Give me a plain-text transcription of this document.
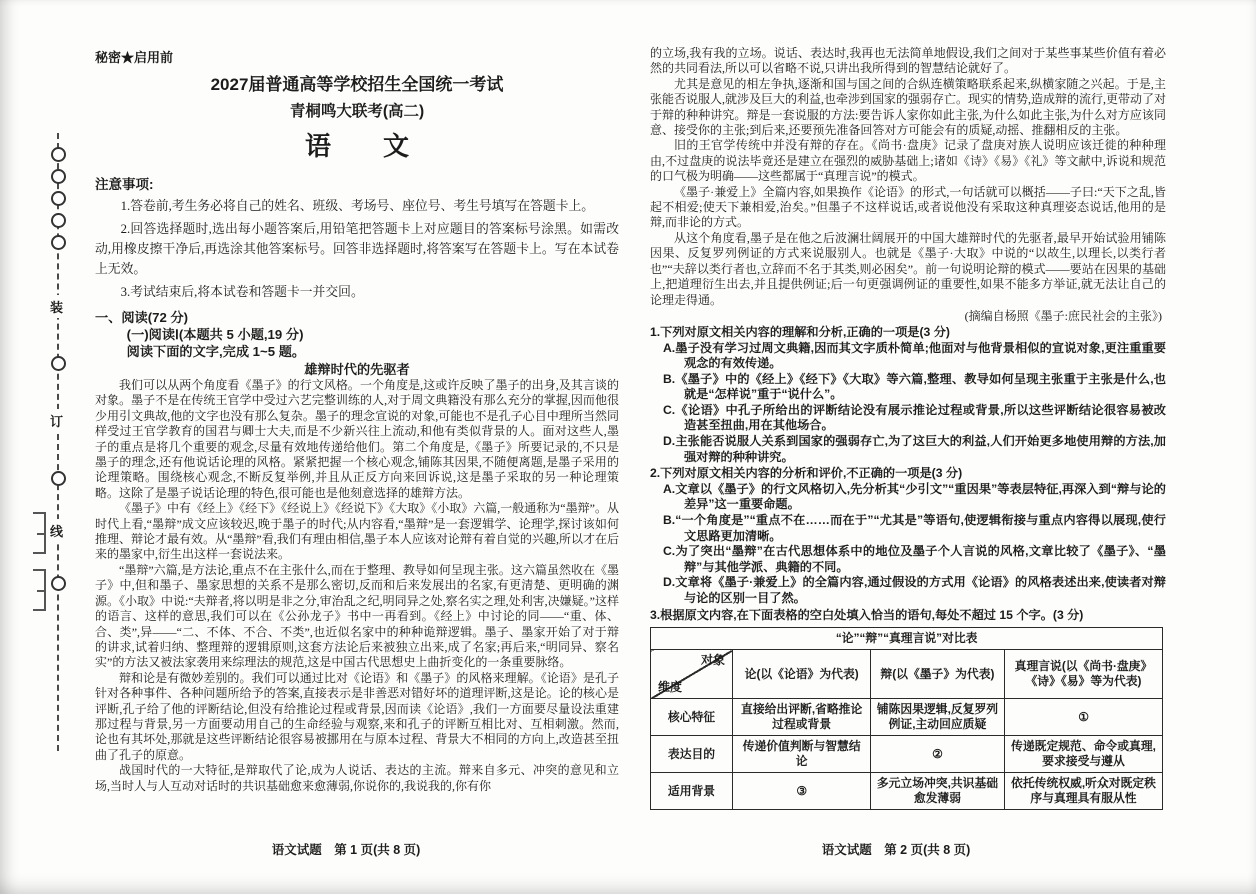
装
订
线
秘密★启用前
2027届普通高等学校招生全国统一考试
青桐鸣大联考(高二)
语　　文
注意事项:
1.答卷前,考生务必将自己的姓名、班级、考场号、座位号、考生号填写在答题卡上。
2.回答选择题时,选出每小题答案后,用铅笔把答题卡上对应题目的答案标号涂黑。如需改动,用橡皮擦干净后,再选涂其他答案标号。回答非选择题时,将答案写在答题卡上。写在本试卷上无效。
3.考试结束后,将本试卷和答题卡一并交回。
一、阅读(72 分)
(一)阅读Ⅰ(本题共 5 小题,19 分)
阅读下面的文字,完成 1~5 题。
雄辩时代的先驱者
我们可以从两个角度看《墨子》的行文风格。一个角度是,这或许反映了墨子的出身,及其言谈的对象。墨子不是在传统王官学中受过六艺完整训练的人,对于周文典籍没有那么充分的掌握,因而他很少用引文典故,他的文字也没有那么复杂。墨子的理念宣说的对象,可能也不是孔子心目中理所当然同样受过王官学教育的国君与卿士大夫,而是不少新兴往上流动,和他有类似背景的人。面对这些人,墨子的重点是将几个重要的观念,尽量有效地传递给他们。第二个角度是,《墨子》所要记录的,不只是墨子的理念,还有他说话论理的风格。紧紧把握一个核心观念,铺陈其因果,不随便离题,是墨子采用的论理策略。围绕核心观念,不断反复举例,并且从正反方向来回诉说,这是墨子采取的另一种论理策略。这除了是墨子说话论理的特色,很可能也是他刻意选择的雄辩方法。
《墨子》中有《经上》《经下》《经说上》《经说下》《大取》《小取》六篇,一般通称为“墨辩”。从时代上看,“墨辩”成文应该较迟,晚于墨子的时代;从内容看,“墨辩”是一套逻辑学、论理学,探讨该如何推理、辩论才最有效。从“墨辩”看,我们有理由相信,墨子本人应该对论辩有着自觉的兴趣,所以才在后来的墨家中,衍生出这样一套说法来。
“墨辩”六篇,是方法论,重点不在主张什么,而在于整理、教导如何呈现主张。这六篇虽然收在《墨子》中,但和墨子、墨家思想的关系不是那么密切,反而和后来发展出的名家,有更清楚、更明确的渊源。《小取》中说:“夫辩者,将以明是非之分,审治乱之纪,明同异之处,察名实之理,处利害,决嫌疑。”这样的语言、这样的意思,我们可以在《公孙龙子》书中一再看到。《经上》中讨论的同——“重、体、合、类”,异——“二、不体、不合、不类”,也近似名家中的种种诡辩逻辑。墨子、墨家开始了对于辩的讲求,试着归纳、整理辩的逻辑原则,这套方法论后来被独立出来,成了名家;再后来,“明同异、察名实”的方法又被法家袭用来综理法的规范,这是中国古代思想史上曲折变化的一条重要脉络。
辩和论是有微妙差别的。我们可以通过比对《论语》和《墨子》的风格来理解。《论语》是孔子针对各种事件、各种问题所给予的答案,直接表示是非善恶对错好坏的道理评断,这是论。论的核心是评断,孔子给了他的评断结论,但没有给推论过程或背景,因而读《论语》,我们一方面要尽量设法重建那过程与背景,另一方面要动用自己的生命经验与观察,来和孔子的评断互相比对、互相刺激。然而,论也有其坏处,那就是这些评断结论很容易被挪用在与原本过程、背景大不相同的方向上,改造甚至扭曲了孔子的原意。
战国时代的一大特征,是辩取代了论,成为人说话、表达的主流。辩来自多元、冲突的意见和立场,当时人与人互动对话时的共识基础愈来愈薄弱,你说你的,我说我的,你有你
的立场,我有我的立场。说话、表达时,我再也无法简单地假设,我们之间对于某些事某些价值有着必然的共同看法,所以可以省略不说,只讲出我所得到的智慧结论就好了。
尤其是意见的相左争执,逐渐和国与国之间的合纵连横策略联系起来,纵横家随之兴起。于是,主张能否说服人,就涉及巨大的利益,也牵涉到国家的强弱存亡。现实的情势,造成辩的流行,更带动了对于辩的种种讲究。辩是一套说服的方法:要告诉人家你如此主张,为什么如此主张,为什么对方应该同意、接受你的主张;到后来,还要预先准备回答对方可能会有的质疑,动摇、推翻相反的主张。
旧的王官学传统中并没有辩的存在。《尚书·盘庚》记录了盘庚对族人说明应该迁徙的种种理由,不过盘庚的说法毕竟还是建立在强烈的威胁基础上;诸如《诗》《易》《礼》等文献中,诉说和规范的口气极为明确——这些都属于“真理言说”的模式。
《墨子·兼爱上》全篇内容,如果换作《论语》的形式,一句话就可以概括——子曰:“天下之乱,皆起不相爱;使天下兼相爱,治矣。”但墨子不这样说话,或者说他没有采取这种真理姿态说话,他用的是辩,而非论的方式。
从这个角度看,墨子是在他之后波澜壮阔展开的中国大雄辩时代的先驱者,最早开始试验用铺陈因果、反复罗列例证的方式来说服别人。也就是《墨子·大取》中说的“以故生,以理长,以类行者也”“夫辞以类行者也,立辞而不名于其类,则必困矣”。前一句说明论辩的模式——要站在因果的基础上,把道理衍生出去,并且提供例证;后一句更强调例证的重要性,如果不能多方举证,就无法让自己的论理走得通。
(摘编自杨照《墨子:庶民社会的主张》)
1.下列对原文相关内容的理解和分析,正确的一项是(3 分)
A.墨子没有学习过周文典籍,因而其文字质朴简单;他面对与他背景相似的宣说对象,更注重重要观念的有效传递。
B.《墨子》中的《经上》《经下》《大取》等六篇,整理、教导如何呈现主张重于主张是什么,也就是“怎样说”重于“说什么”。
C.《论语》中孔子所给出的评断结论没有展示推论过程或背景,所以这些评断结论很容易被改造甚至扭曲,用在其他场合。
D.主张能否说服人关系到国家的强弱存亡,为了这巨大的利益,人们开始更多地使用辩的方法,加强对辩的种种讲究。
2.下列对原文相关内容的分析和评价,不正确的一项是(3 分)
A.文章以《墨子》的行文风格切入,先分析其“少引文”“重因果”等表层特征,再深入到“辩与论的差异”这一重要命题。
B.“一个角度是”“重点不在……而在于”“尤其是”等语句,使逻辑衔接与重点内容得以展现,使行文思路更加清晰。
C.为了突出“墨辩”在古代思想体系中的地位及墨子个人言说的风格,文章比较了《墨子》、“墨辩”与其他学派、典籍的不同。
D.文章将《墨子·兼爱上》的全篇内容,通过假设的方式用《论语》的风格表述出来,使读者对辩与论的区别一目了然。
3.根据原文内容,在下面表格的空白处填入恰当的语句,每处不超过 15 个字。(3 分)
“论”“辩”“真理言说”对比表			

对象
维度	论(以《论语》为代表)	辩(以《墨子》为代表)	真理言说(以《尚书·盘庚》《诗》《易》等为代表)
核心特征	直接给出评断,省略推论过程或背景	铺陈因果逻辑,反复罗列例证,主动回应质疑	①
表达目的	传递价值判断与智慧结论	②	传递既定规范、命令或真理,要求接受与遵从
适用背景	③	多元立场冲突,共识基础愈发薄弱	依托传统权威,听众对既定秩序与真理具有服从性
语文试题　第 1 页(共 8 页)	语文试题　第 2 页(共 8 页)
